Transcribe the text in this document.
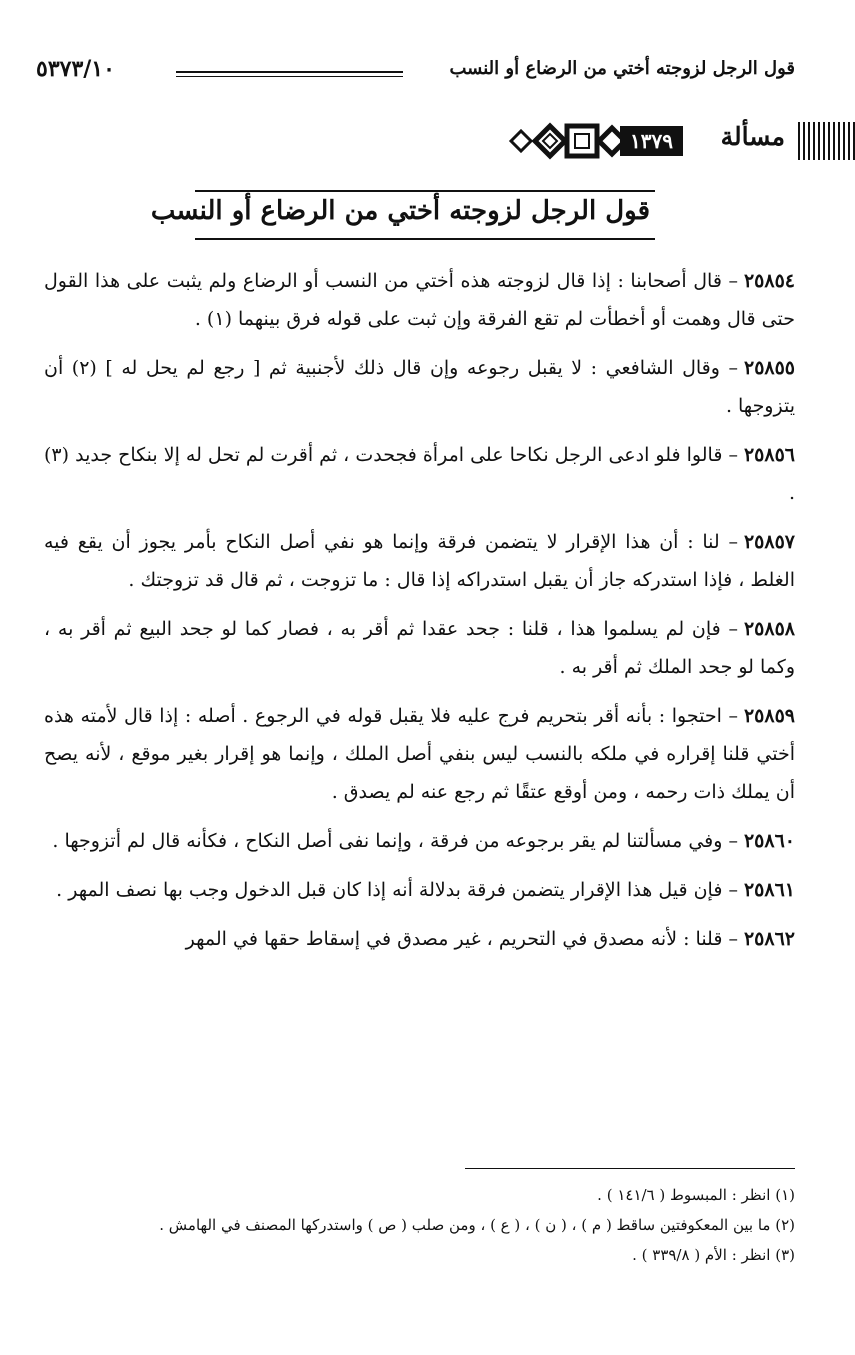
قول الرجل لزوجته أختي من الرضاع أو النسب
٥٣٧٣/١٠
مسألة
١٣٧٩
قول الرجل لزوجته أختي من الرضاع أو النسب

٢٥٨٥٤– قال أصحابنا : إذا قال لزوجته هذه أختي من النسب أو الرضاع ولم يثبت على هذا القول حتى قال وهمت أو أخطأت لم تقع الفرقة وإن ثبت على قوله فرق بينهما (١) .

٢٥٨٥٥– وقال الشافعي : لا يقبل رجوعه وإن قال ذلك لأجنبية ثم [ رجع لم يحل له ] (٢) أن يتزوجها .

٢٥٨٥٦– قالوا فلو ادعى الرجل نكاحا على امرأة فجحدت ، ثم أقرت لم تحل له إلا بنكاح جديد (٣) .

٢٥٨٥٧– لنا : أن هذا الإقرار لا يتضمن فرقة وإنما هو نفي أصل النكاح بأمر يجوز أن يقع فيه الغلط ، فإذا استدركه جاز أن يقبل استدراكه إذا قال : ما تزوجت ، ثم قال قد تزوجتك .

٢٥٨٥٨– فإن لم يسلموا هذا ، قلنا : جحد عقدا ثم أقر به ، فصار كما لو جحد البيع ثم أقر به ، وكما لو جحد الملك ثم أقر به .

٢٥٨٥٩– احتجوا : بأنه أقر بتحريم فرج عليه فلا يقبل قوله في الرجوع . أصله : إذا قال لأمته هذه أختي قلنا إقراره في ملكه بالنسب ليس بنفي أصل الملك ، وإنما هو إقرار بغير موقع ، لأنه يصح أن يملك ذات رحمه ، ومن أوقع عتقًا ثم رجع عنه لم يصدق .

٢٥٨٦٠– وفي مسألتنا لم يقر برجوعه من فرقة ، وإنما نفى أصل النكاح ، فكأنه قال لم أتزوجها .

٢٥٨٦١– فإن قيل هذا الإقرار يتضمن فرقة بدلالة أنه إذا كان قبل الدخول وجب بها نصف المهر .

٢٥٨٦٢– قلنا : لأنه مصدق في التحريم ، غير مصدق في إسقاط حقها في المهر

(١) انظر : المبسوط ( ١٤١/٦ ) .

(٢) ما بين المعكوفتين ساقط ( م ) ، ( ن ) ، ( ع ) ، ومن صلب ( ص ) واستدركها المصنف في الهامش .

(٣) انظر : الأم ( ٣٣٩/٨ ) .
